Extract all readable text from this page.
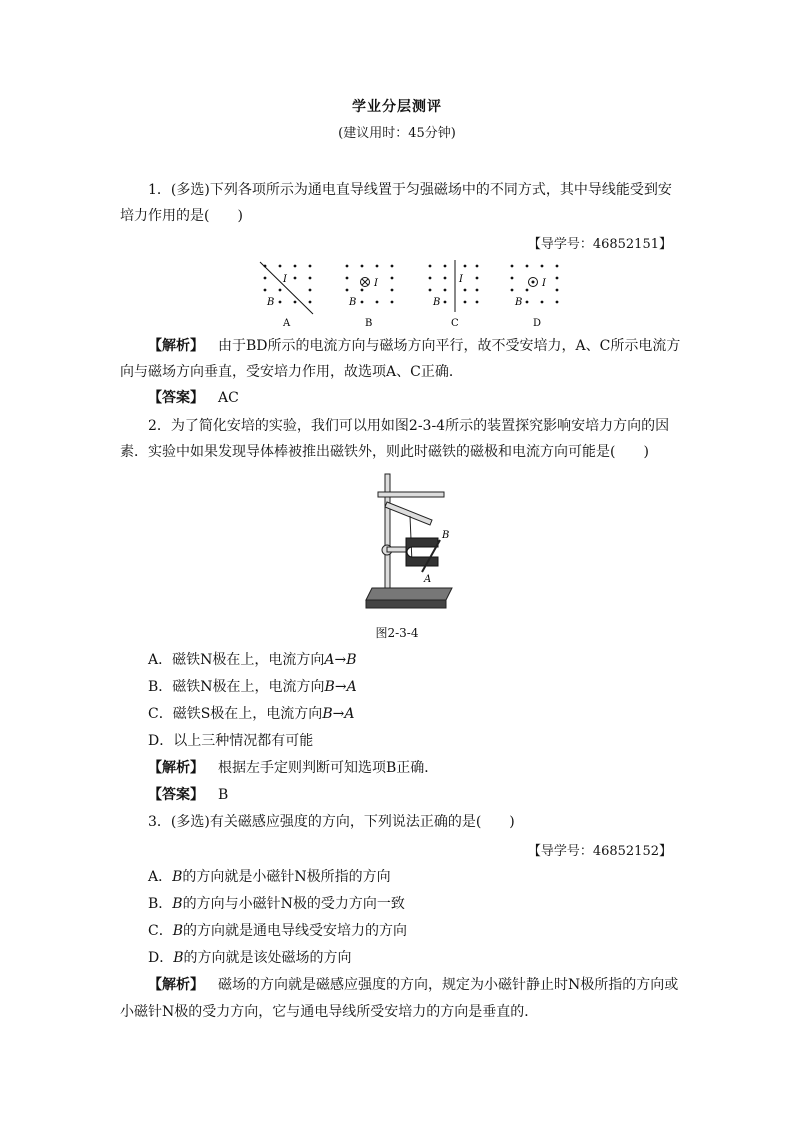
学业分层测评
(建议用时：45分钟)
1．(多选)下列各项所示为通电直导线置于匀强磁场中的不同方式，其中导线能受到安
培力作用的是(　　)
【导学号：46852151】
I
B
A
I
B
B
I
B
C
I
B
D
【解析】 由于BD所示的电流方向与磁场方向平行，故不受安培力，A、C所示电流方
向与磁场方向垂直，受安培力作用，故选项A、C正确．
【答案】 AC
2．为了简化安培的实验，我们可以用如图2-3-4所示的装置探究影响安培力方向的因
素．实验中如果发现导体棒被推出磁铁外，则此时磁铁的磁极和电流方向可能是(　　)
B
A
图2-3-4
A．磁铁N极在上，电流方向A→B
B．磁铁N极在上，电流方向B→A
C．磁铁S极在上，电流方向B→A
D．以上三种情况都有可能
【解析】 根据左手定则判断可知选项B正确．
【答案】 B
3．(多选)有关磁感应强度的方向，下列说法正确的是(　　)
【导学号：46852152】
A．B的方向就是小磁针N极所指的方向
B．B的方向与小磁针N极的受力方向一致
C．B的方向就是通电导线受安培力的方向
D．B的方向就是该处磁场的方向
【解析】 磁场的方向就是磁感应强度的方向，规定为小磁针静止时N极所指的方向或
小磁针N极的受力方向，它与通电导线所受安培力的方向是垂直的．
